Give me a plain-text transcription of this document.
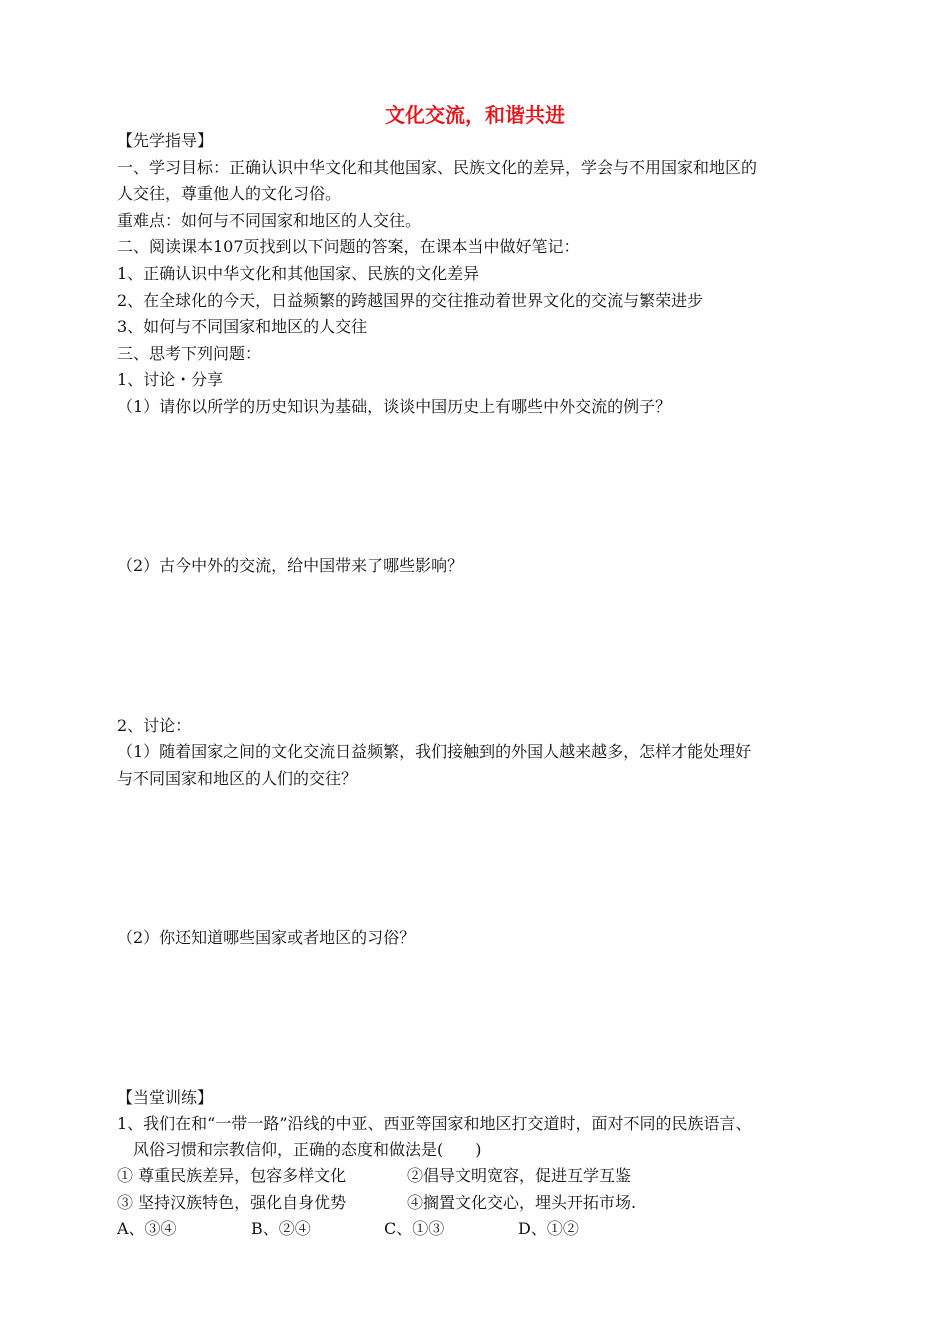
文化交流，和谐共进
【先学指导】
一、学习目标：正确认识中华文化和其他国家、民族文化的差异，学会与不用国家和地区的
人交往，尊重他人的文化习俗。
重难点：如何与不同国家和地区的人交往。
二、阅读课本107页找到以下问题的答案，在课本当中做好笔记：
1、正确认识中华文化和其他国家、民族的文化差异
2、在全球化的今天，日益频繁的跨越国界的交往推动着世界文化的交流与繁荣进步
3、如何与不同国家和地区的人交往
三、思考下列问题：
1、讨论・分享
（1）请你以所学的历史知识为基础，谈谈中国历史上有哪些中外交流的例子？
（2）古今中外的交流，给中国带来了哪些影响？
2、讨论：
（1）随着国家之间的文化交流日益频繁，我们接触到的外国人越来越多，怎样才能处理好
与不同国家和地区的人们的交往？
（2）你还知道哪些国家或者地区的习俗？
【当堂训练】
1、我们在和“一带一路”沿线的中亚、西亚等国家和地区打交道时，面对不同的民族语言、
风俗习惯和宗教信仰，正确的态度和做法是(　　)
① 尊重民族差异，包容多样文化	②倡导文明宽容，促进互学互鉴
③ 坚持汉族特色，强化自身优势	④搁置文化交心，埋头开拓市场.
A、③④	B、②④	C、①③	D、①②
